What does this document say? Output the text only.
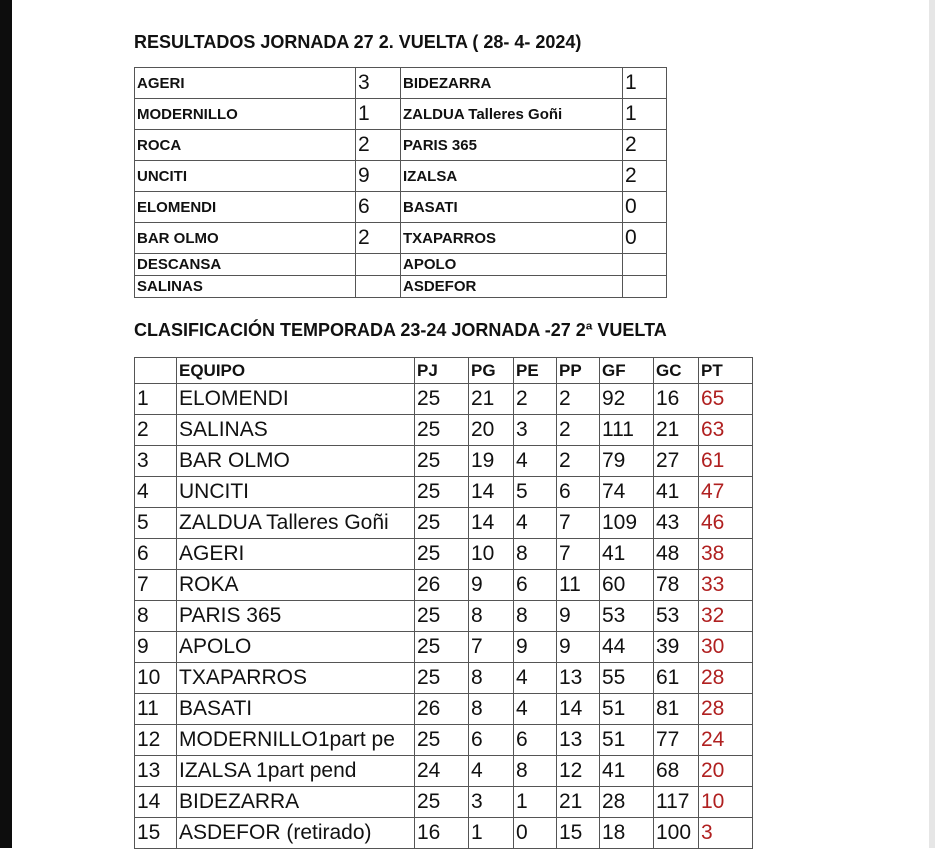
RESULTADOS JORNADA 27 2. VUELTA ( 28- 4- 2024)
AGERI	3	BIDEZARRA	1
MODERNILLO	1	ZALDUA Talleres Goñi	1
ROCA	2	PARIS 365	2
UNCITI	9	IZALSA	2
ELOMENDI	6	BASATI	0
BAR OLMO	2	TXAPARROS	0
DESCANSA		APOLO	
SALINAS		ASDEFOR	
CLASIFICACIÓN TEMPORADA 23-24 JORNADA -27 2ª VUELTA
	EQUIPO	PJ	PG	PE	PP	GF	GC	PT
1	ELOMENDI	25	21	2	2	92	16	65
2	SALINAS	25	20	3	2	111	21	63
3	BAR OLMO	25	19	4	2	79	27	61
4	UNCITI	25	14	5	6	74	41	47
5	ZALDUA Talleres Goñi	25	14	4	7	109	43	46
6	AGERI	25	10	8	7	41	48	38
7	ROKA	26	9	6	11	60	78	33
8	PARIS 365	25	8	8	9	53	53	32
9	APOLO	25	7	9	9	44	39	30
10	TXAPARROS	25	8	4	13	55	61	28
11	BASATI	26	8	4	14	51	81	28
12	MODERNILLO1part pe	25	6	6	13	51	77	24
13	IZALSA 1part pend	24	4	8	12	41	68	20
14	BIDEZARRA	25	3	1	21	28	117	10
15	ASDEFOR (retirado)	16	1	0	15	18	100	3
